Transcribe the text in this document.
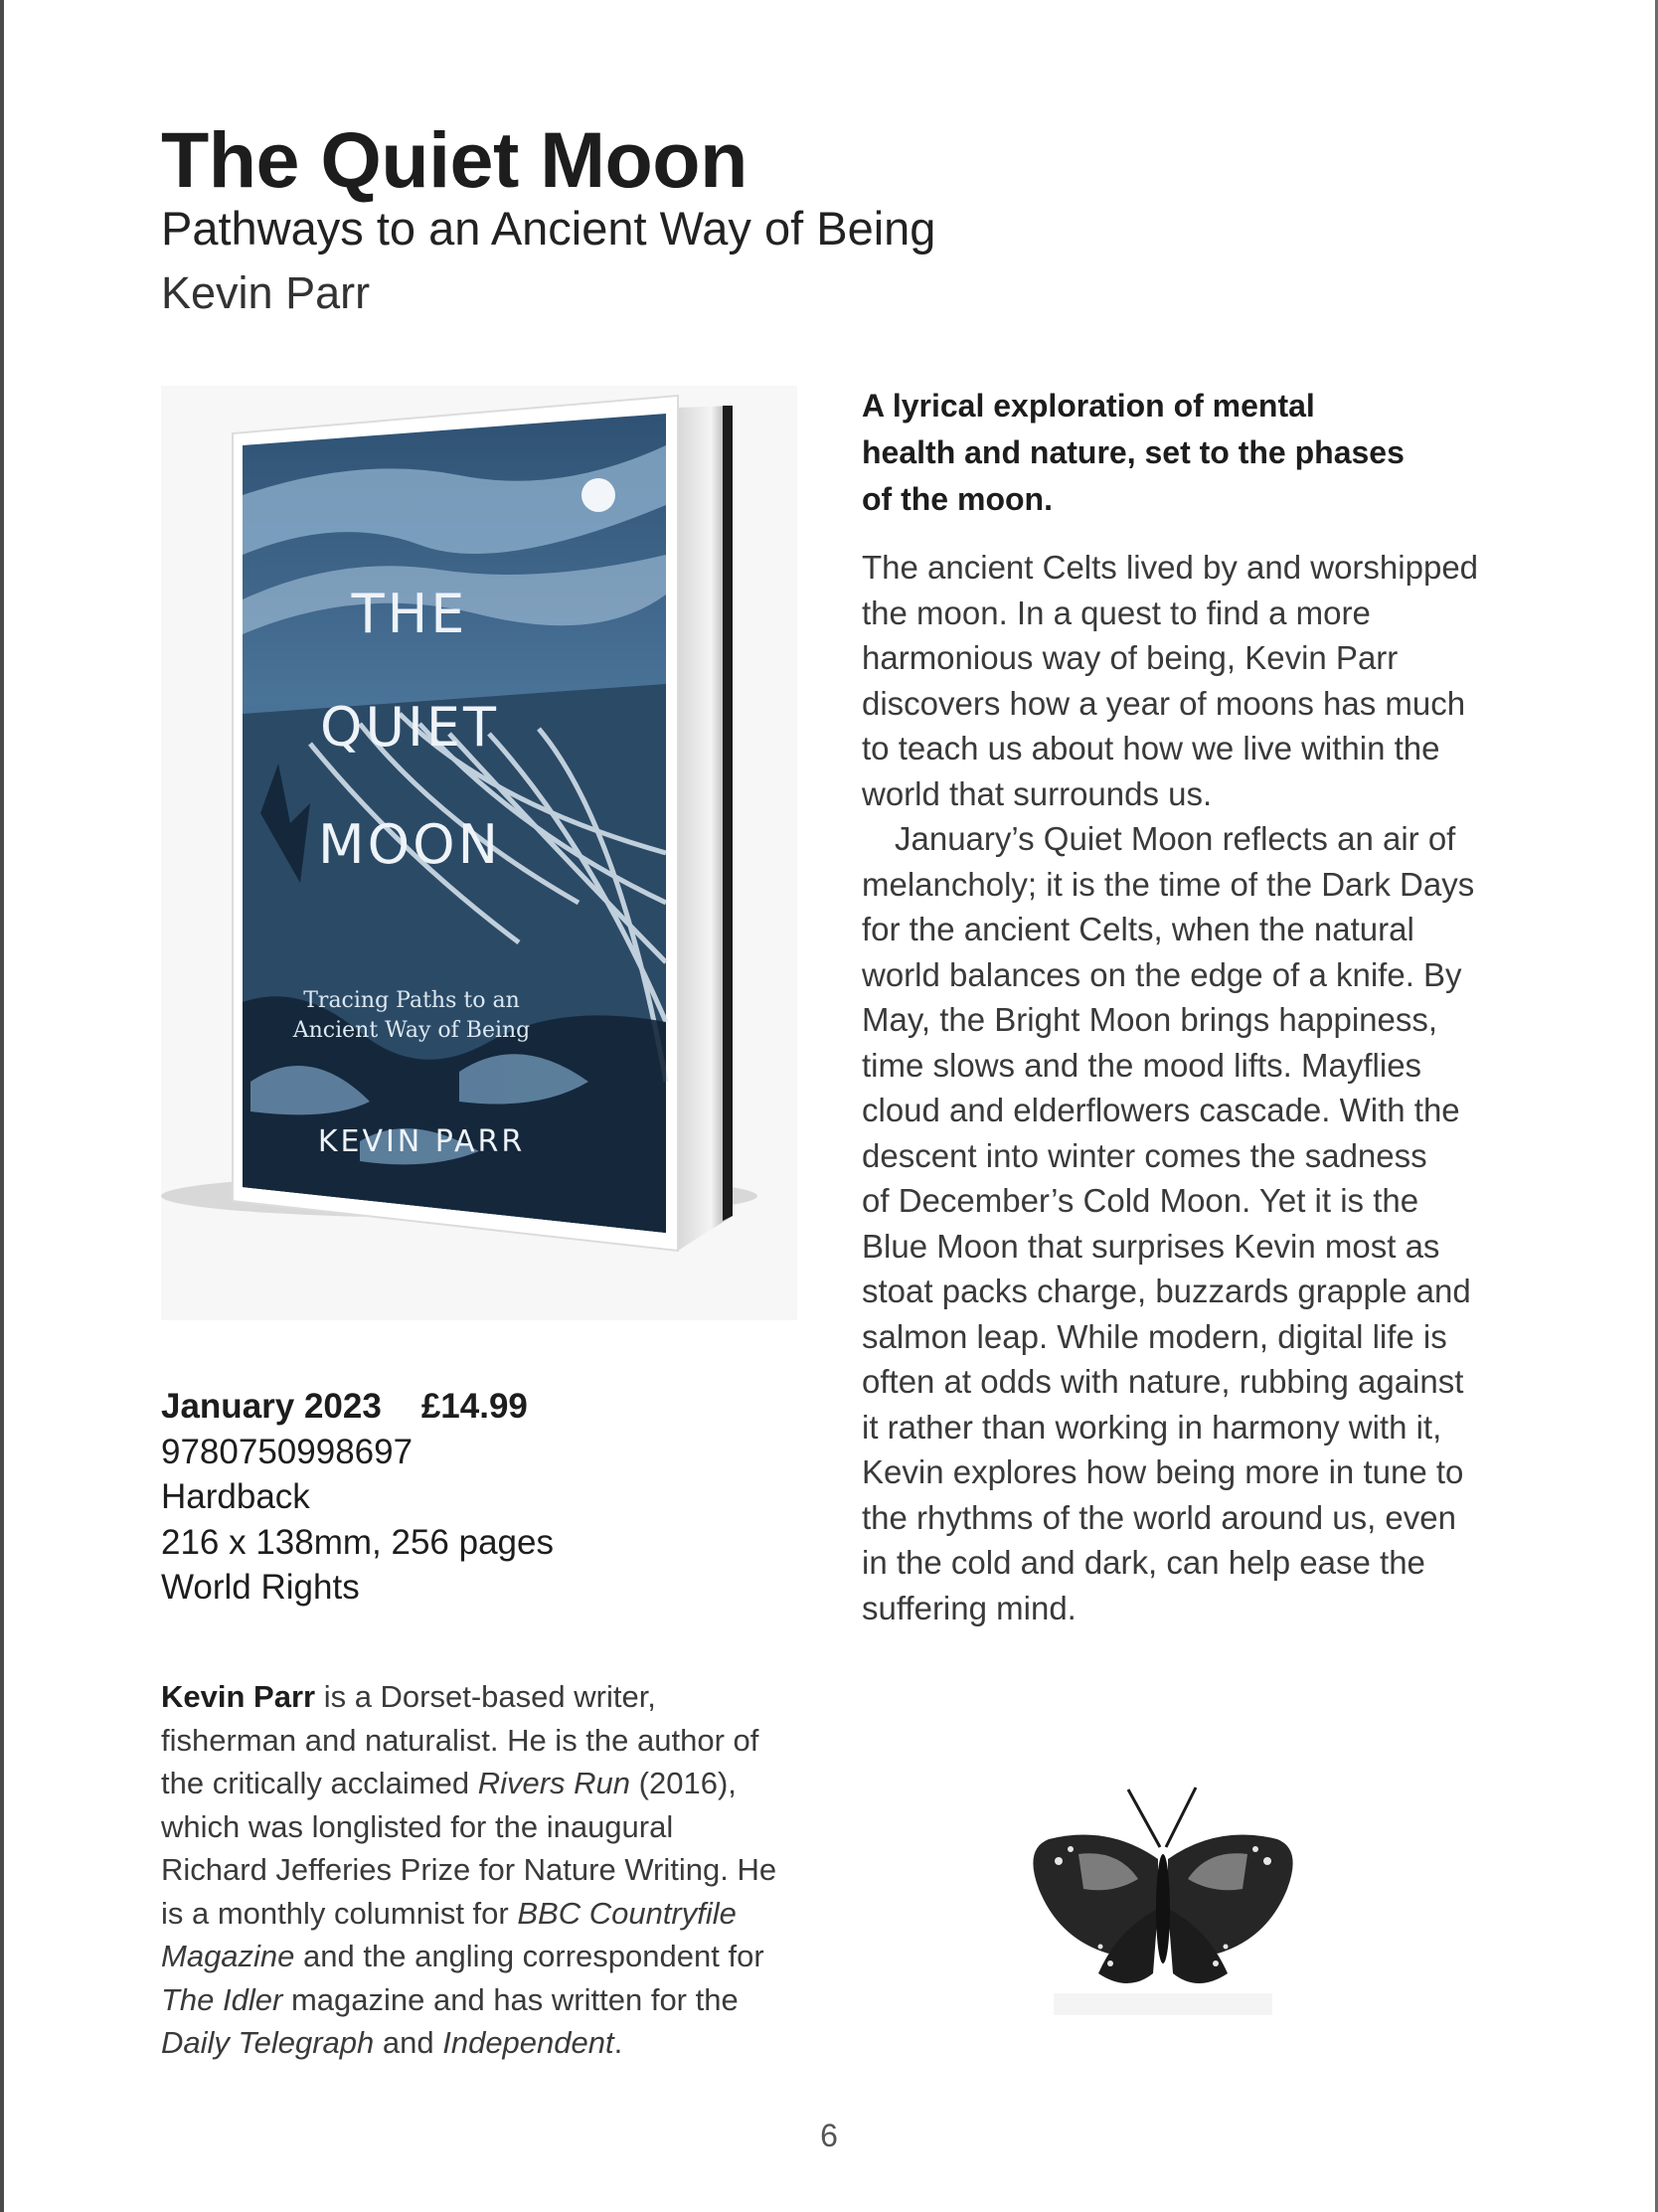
The Quiet Moon
Pathways to an Ancient Way of Being
Kevin Parr
THE
QUIET
MOON
Tracing Paths to an
Ancient Way of Being
KEVIN PARR
January 2023 £14.99
9780750998697
Hardback
216 x 138mm, 256 pages
World Rights
A lyrical exploration of mental
health and nature, set to the phases
of the moon.
The ancient Celts lived by and worshipped
the moon. In a quest to find a more
harmonious way of being, Kevin Parr
discovers how a year of moons has much
to teach us about how we live within the
world that surrounds us.
 January’s Quiet Moon reflects an air of
melancholy; it is the time of the Dark Days
for the ancient Celts, when the natural
world balances on the edge of a knife. By
May, the Bright Moon brings happiness,
time slows and the mood lifts. Mayflies
cloud and elderflowers cascade. With the
descent into winter comes the sadness
of December’s Cold Moon. Yet it is the
Blue Moon that surprises Kevin most as
stoat packs charge, buzzards grapple and
salmon leap. While modern, digital life is
often at odds with nature, rubbing against
it rather than working in harmony with it,
Kevin explores how being more in tune to
the rhythms of the world around us, even
in the cold and dark, can help ease the
suffering mind.
Kevin Parr is a Dorset-based writer,
fisherman and naturalist. He is the author of
the critically acclaimed Rivers Run (2016),
which was longlisted for the inaugural
Richard Jefferies Prize for Nature Writing. He
is a monthly columnist for BBC Countryfile
Magazine and the angling correspondent for
The Idler magazine and has written for the
Daily Telegraph and Independent.
6
